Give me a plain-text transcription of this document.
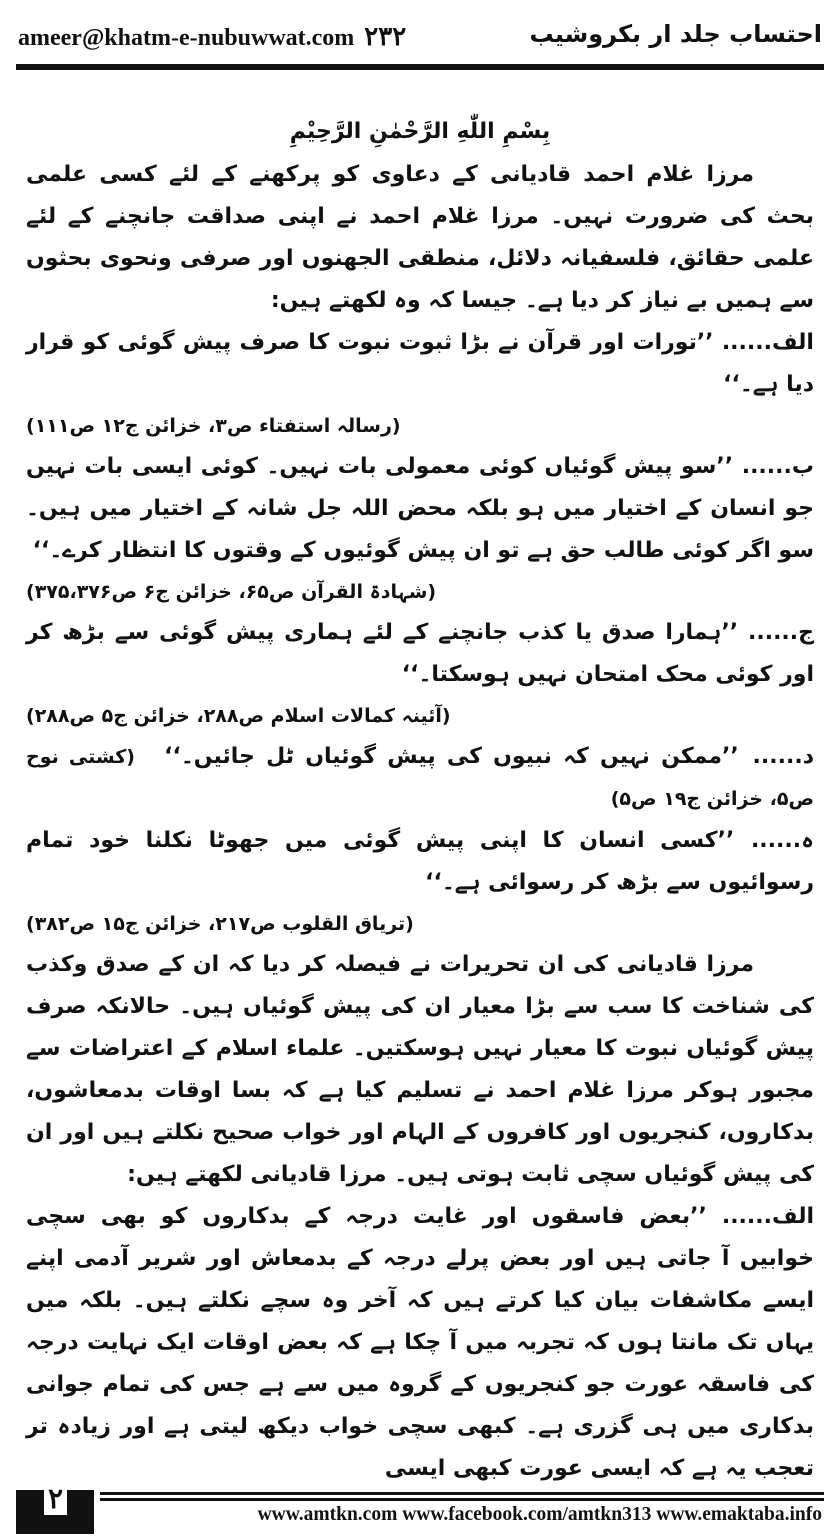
ameer@khatm-e-nubuwwat.com ۲۳۲	احتساب جلد ار بکروشیب
بِسْمِ اللّٰهِ الرَّحْمٰنِ الرَّحِیْمِ

مرزا غلام احمد قادیانی کے دعاوی کو پرکھنے کے لئے کسی علمی بحث کی ضرورت نہیں۔ مرزا غلام احمد نے اپنی صداقت جانچنے کے لئے علمی حقائق، فلسفیانہ دلائل، منطقی الجھنوں اور صرفی ونحوی بحثوں سے ہمیں بے نیاز کر دیا ہے۔ جیسا کہ وہ لکھتے ہیں:

الف...... ’’تورات اور قرآن نے بڑا ثبوت نبوت کا صرف پیش گوئی کو قرار دیا ہے۔‘‘

(رسالہ استفتاء ص۳، خزائن ج۱۲ ص۱۱۱)

ب...... ’’سو پیش گوئیاں کوئی معمولی بات نہیں۔ کوئی ایسی بات نہیں جو انسان کے اختیار میں ہو بلکہ محض اللہ جل شانہ کے اختیار میں ہیں۔ سو اگر کوئی طالب حق ہے تو ان پیش گوئیوں کے وقتوں کا انتظار کرے۔‘‘

(شہادۃ القرآن ص۶۵، خزائن ج۶ ص۳۷۵،۳۷۶)

ج...... ’’ہمارا صدق یا کذب جانچنے کے لئے ہماری پیش گوئی سے بڑھ کر اور کوئی محک امتحان نہیں ہوسکتا۔‘‘

(آئینہ کمالات اسلام ص۲۸۸، خزائن ج۵ ص۲۸۸)

د...... ’’ممکن نہیں کہ نبیوں کی پیش گوئیاں ٹل جائیں۔‘‘ (کشتی نوح ص۵، خزائن ج۱۹ ص۵)

ہ...... ’’کسی انسان کا اپنی پیش گوئی میں جھوٹا نکلنا خود تمام رسوائیوں سے بڑھ کر رسوائی ہے۔‘‘

(تریاق القلوب ص۲۱۷، خزائن ج۱۵ ص۳۸۲)

مرزا قادیانی کی ان تحریرات نے فیصلہ کر دیا کہ ان کے صدق وکذب کی شناخت کا سب سے بڑا معیار ان کی پیش گوئیاں ہیں۔ حالانکہ صرف پیش گوئیاں نبوت کا معیار نہیں ہوسکتیں۔ علماء اسلام کے اعتراضات سے مجبور ہوکر مرزا غلام احمد نے تسلیم کیا ہے کہ بسا اوقات بدمعاشوں، بدکاروں، کنجریوں اور کافروں کے الہام اور خواب صحیح نکلتے ہیں اور ان کی پیش گوئیاں سچی ثابت ہوتی ہیں۔ مرزا قادیانی لکھتے ہیں:

الف...... ’’بعض فاسقوں اور غایت درجہ کے بدکاروں کو بھی سچی خوابیں آ جاتی ہیں اور بعض پرلے درجہ کے بدمعاش اور شریر آدمی اپنے ایسے مکاشفات بیان کیا کرتے ہیں کہ آخر وہ سچے نکلتے ہیں۔ بلکہ میں یہاں تک مانتا ہوں کہ تجربہ میں آ چکا ہے کہ بعض اوقات ایک نہایت درجہ کی فاسقہ عورت جو کنجریوں کے گروہ میں سے ہے جس کی تمام جوانی بدکاری میں ہی گزری ہے۔ کبھی سچی خواب دیکھ لیتی ہے اور زیادہ تر تعجب یہ ہے کہ ایسی عورت کبھی ایسی

۲	www.amtkn.com www.facebook.com/amtkn313 www.emaktaba.info
